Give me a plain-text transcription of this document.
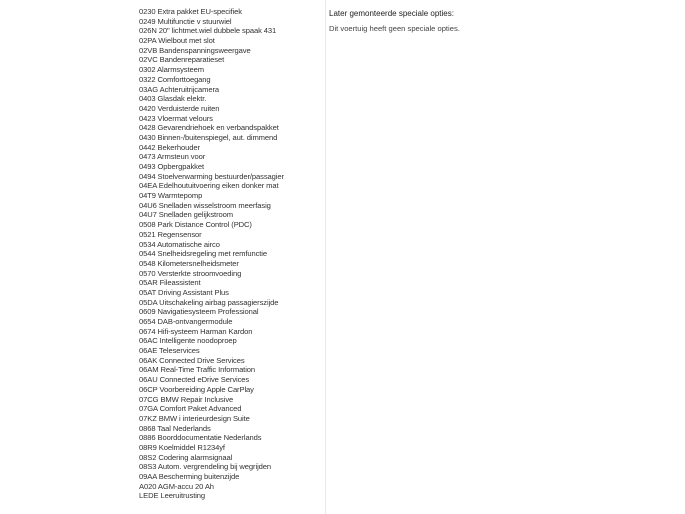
0230 Extra pakket EU-specifiek
0249 Multifunctie v stuurwiel
026N 20" lichtmet.wiel dubbele spaak 431
02PA Wielbout met slot
02VB Bandenspanningsweergave
02VC Bandenreparatieset
0302 Alarmsysteem
0322 Comforttoegang
03AG Achteruitrijcamera
0403 Glasdak elektr.
0420 Verduisterde ruiten
0423 Vloermat velours
0428 Gevarendriehoek en verbandspakket
0430 Binnen-/buitenspiegel, aut. dimmend
0442 Bekerhouder
0473 Armsteun voor
0493 Opbergpakket
0494 Stoelverwarming bestuurder/passagier
04EA Edelhoutuitvoering eiken donker mat
04T9 Warmtepomp
04U6 Snelladen wisselstroom meerfasig
04U7 Snelladen gelijkstroom
0508 Park Distance Control (PDC)
0521 Regensensor
0534 Automatische airco
0544 Snelheidsregeling met remfunctie
0548 Kilometersnelheidsmeter
0570 Versterkte stroomvoeding
05AR Fileassistent
05AT Driving Assistant Plus
05DA Uitschakeling airbag passagierszijde
0609 Navigatiesysteem Professional
0654 DAB-ontvangermodule
0674 Hifi-systeem Harman Kardon
06AC Intelligente noodoproep
06AE Teleservices
06AK Connected Drive Services
06AM Real-Time Traffic Information
06AU Connected eDrive Services
06CP Voorbereiding Apple CarPlay
07CG BMW Repair Inclusive
07GA Comfort Paket Advanced
07KZ BMW i interieurdesign Suite
0868 Taal Nederlands
0886 Boorddocumentatie Nederlands
08R9 Koelmiddel R1234yf
08S2 Codering alarmsignaal
08S3 Autom. vergrendeling bij wegrijden
09AA Bescherming buitenzijde
A020 AGM-accu 20 Ah
LEDE Leeruitrusting
Later gemonteerde speciale opties:

Dit voertuig heeft geen speciale opties.
